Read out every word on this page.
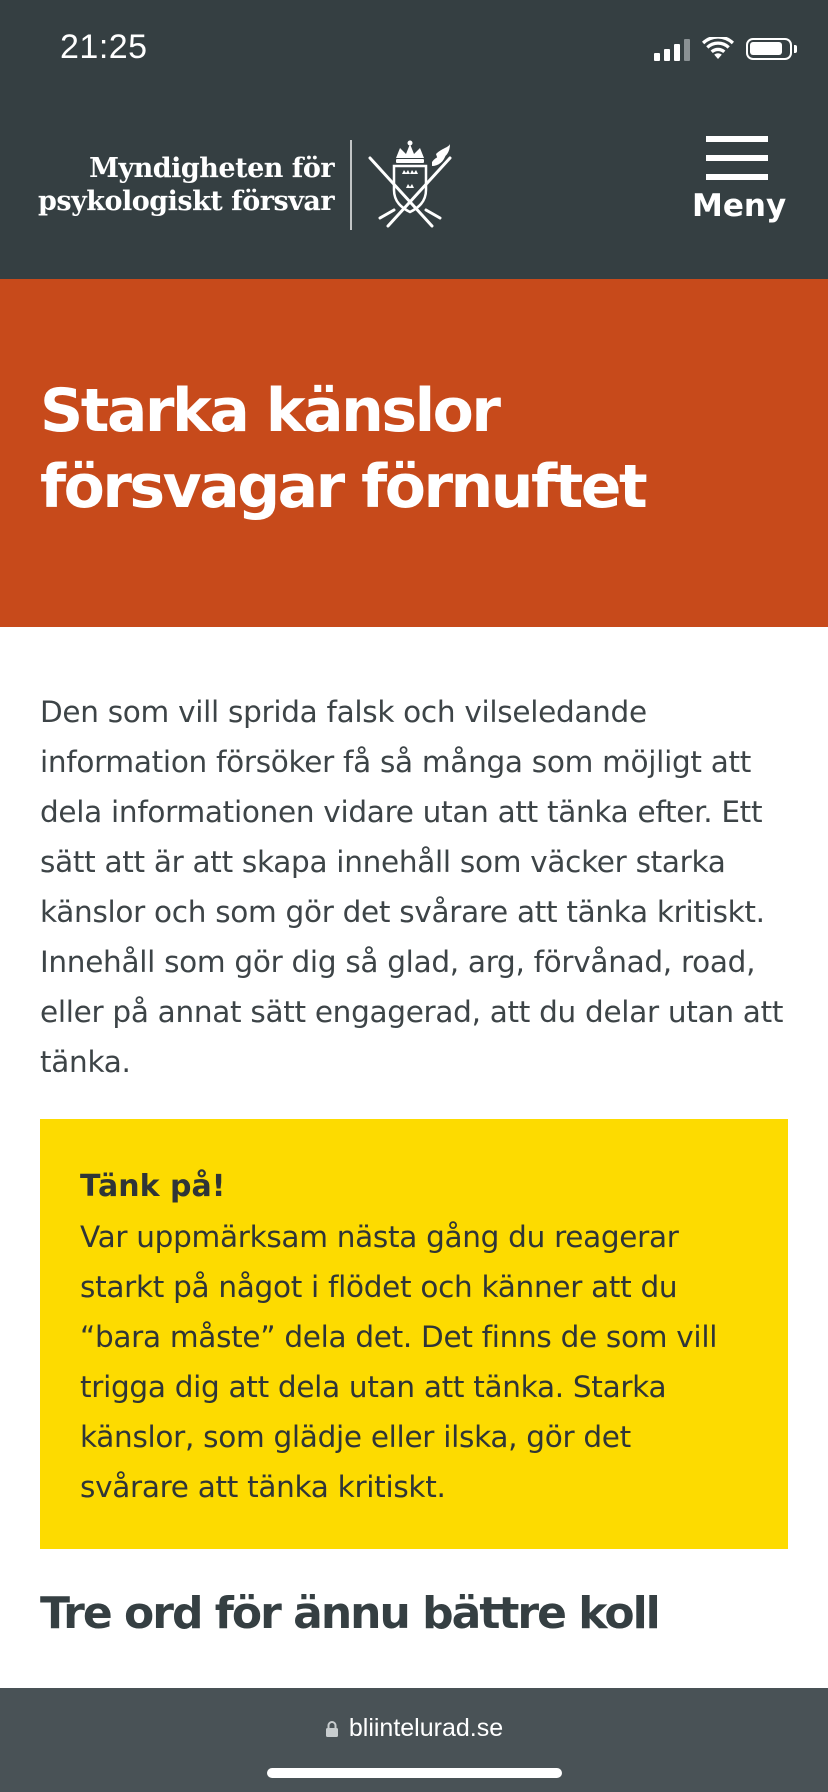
21:25
Myndigheten för
psykologiskt försvar	Meny
Starka känslor försvagar förnuftet

Den som vill sprida falsk och vilseledande information försöker få så många som möjligt att dela informationen vidare utan att tänka efter. Ett sätt att är att skapa innehåll som väcker starka känslor och som gör det svårare att tänka kritiskt. Innehåll som gör dig så glad, arg, förvånad, road, eller på annat sätt engagerad, att du delar utan att tänka.

Tänk på!
Var uppmärksam nästa gång du reagerar starkt på något i flödet och känner att du “bara måste” dela det. Det finns de som vill trigga dig att dela utan att tänka. Starka känslor, som glädje eller ilska, gör det svårare att tänka kritiskt.
Tre ord för ännu bättre koll
bliintelurad.se
